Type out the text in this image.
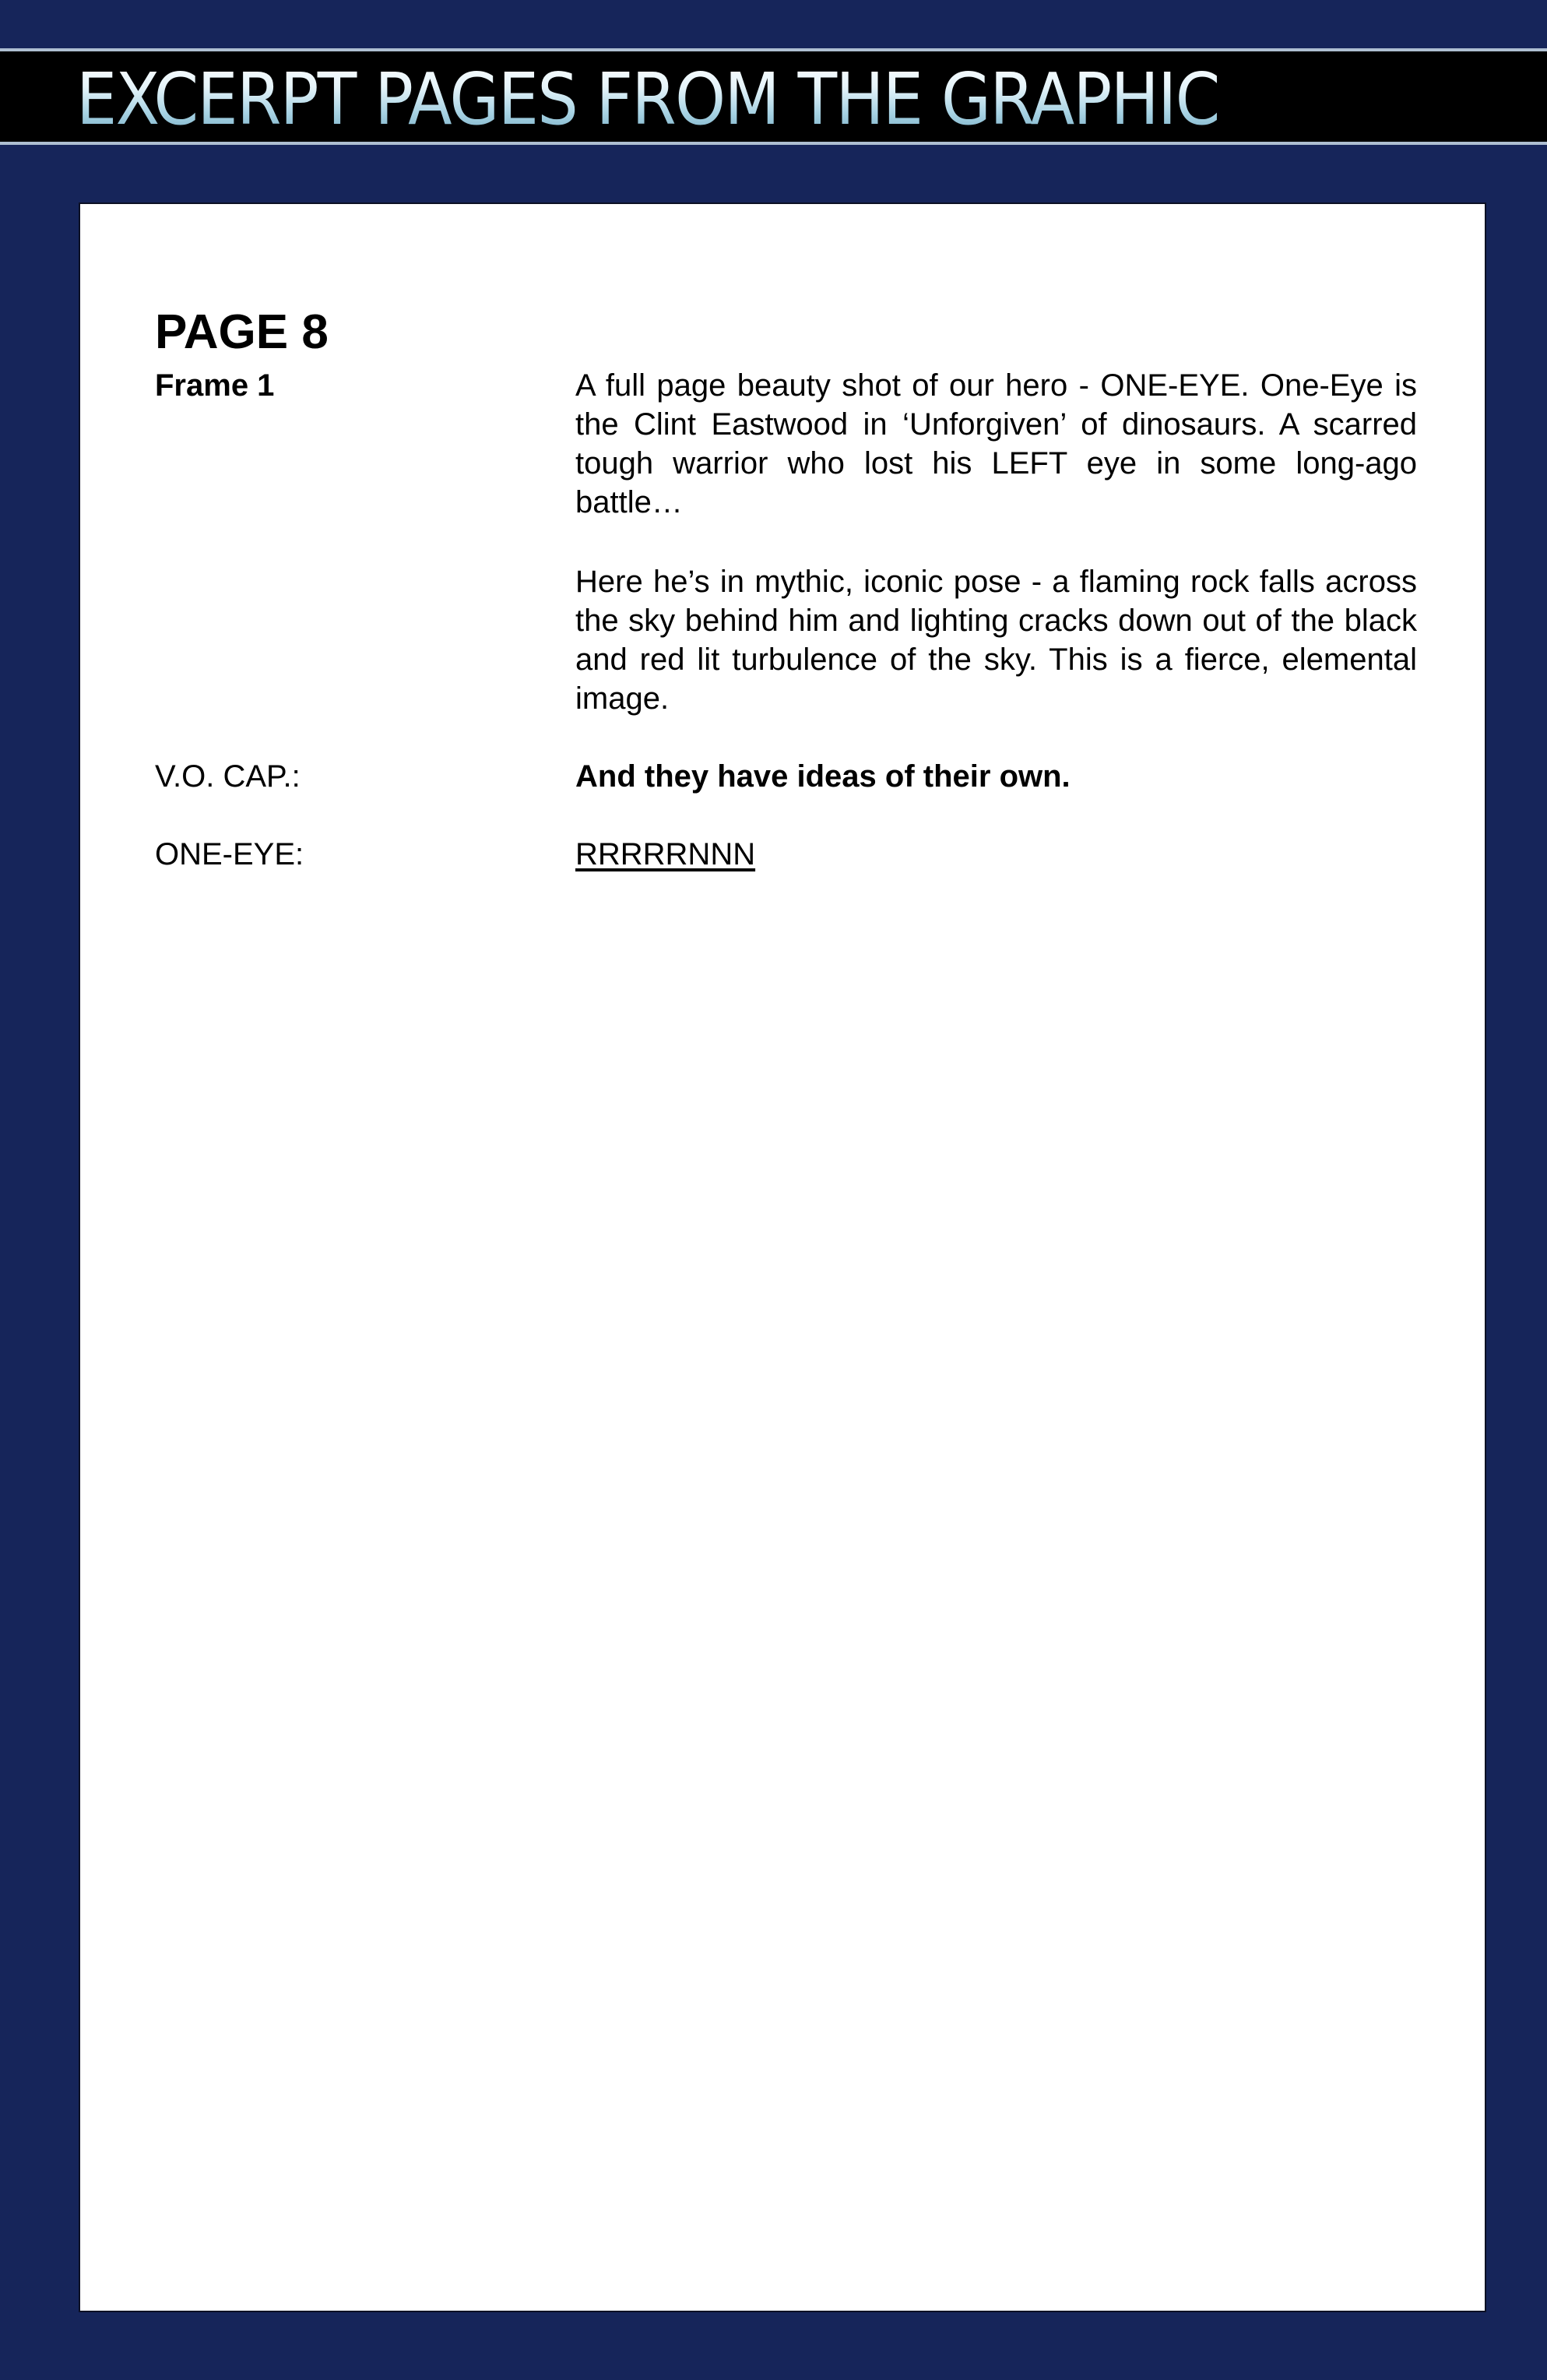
EXCERPT PAGES FROM THE GRAPHIC
PAGE 8
Frame 1	A full page beauty shot of our hero - ONE-EYE. One-Eye is the Clint Eastwood in ‘Unforgiven’ of dinosaurs. A scarred tough warrior who lost his LEFT eye in some long-ago battle…

Here he’s in mythic, iconic pose - a flaming rock falls across the sky behind him and lighting cracks down out of the black and red lit turbulence of the sky. This is a fierce, elemental image.

V.O. CAP.:	And they have ideas of their own.
ONE-EYE:	RRRRRNNN
